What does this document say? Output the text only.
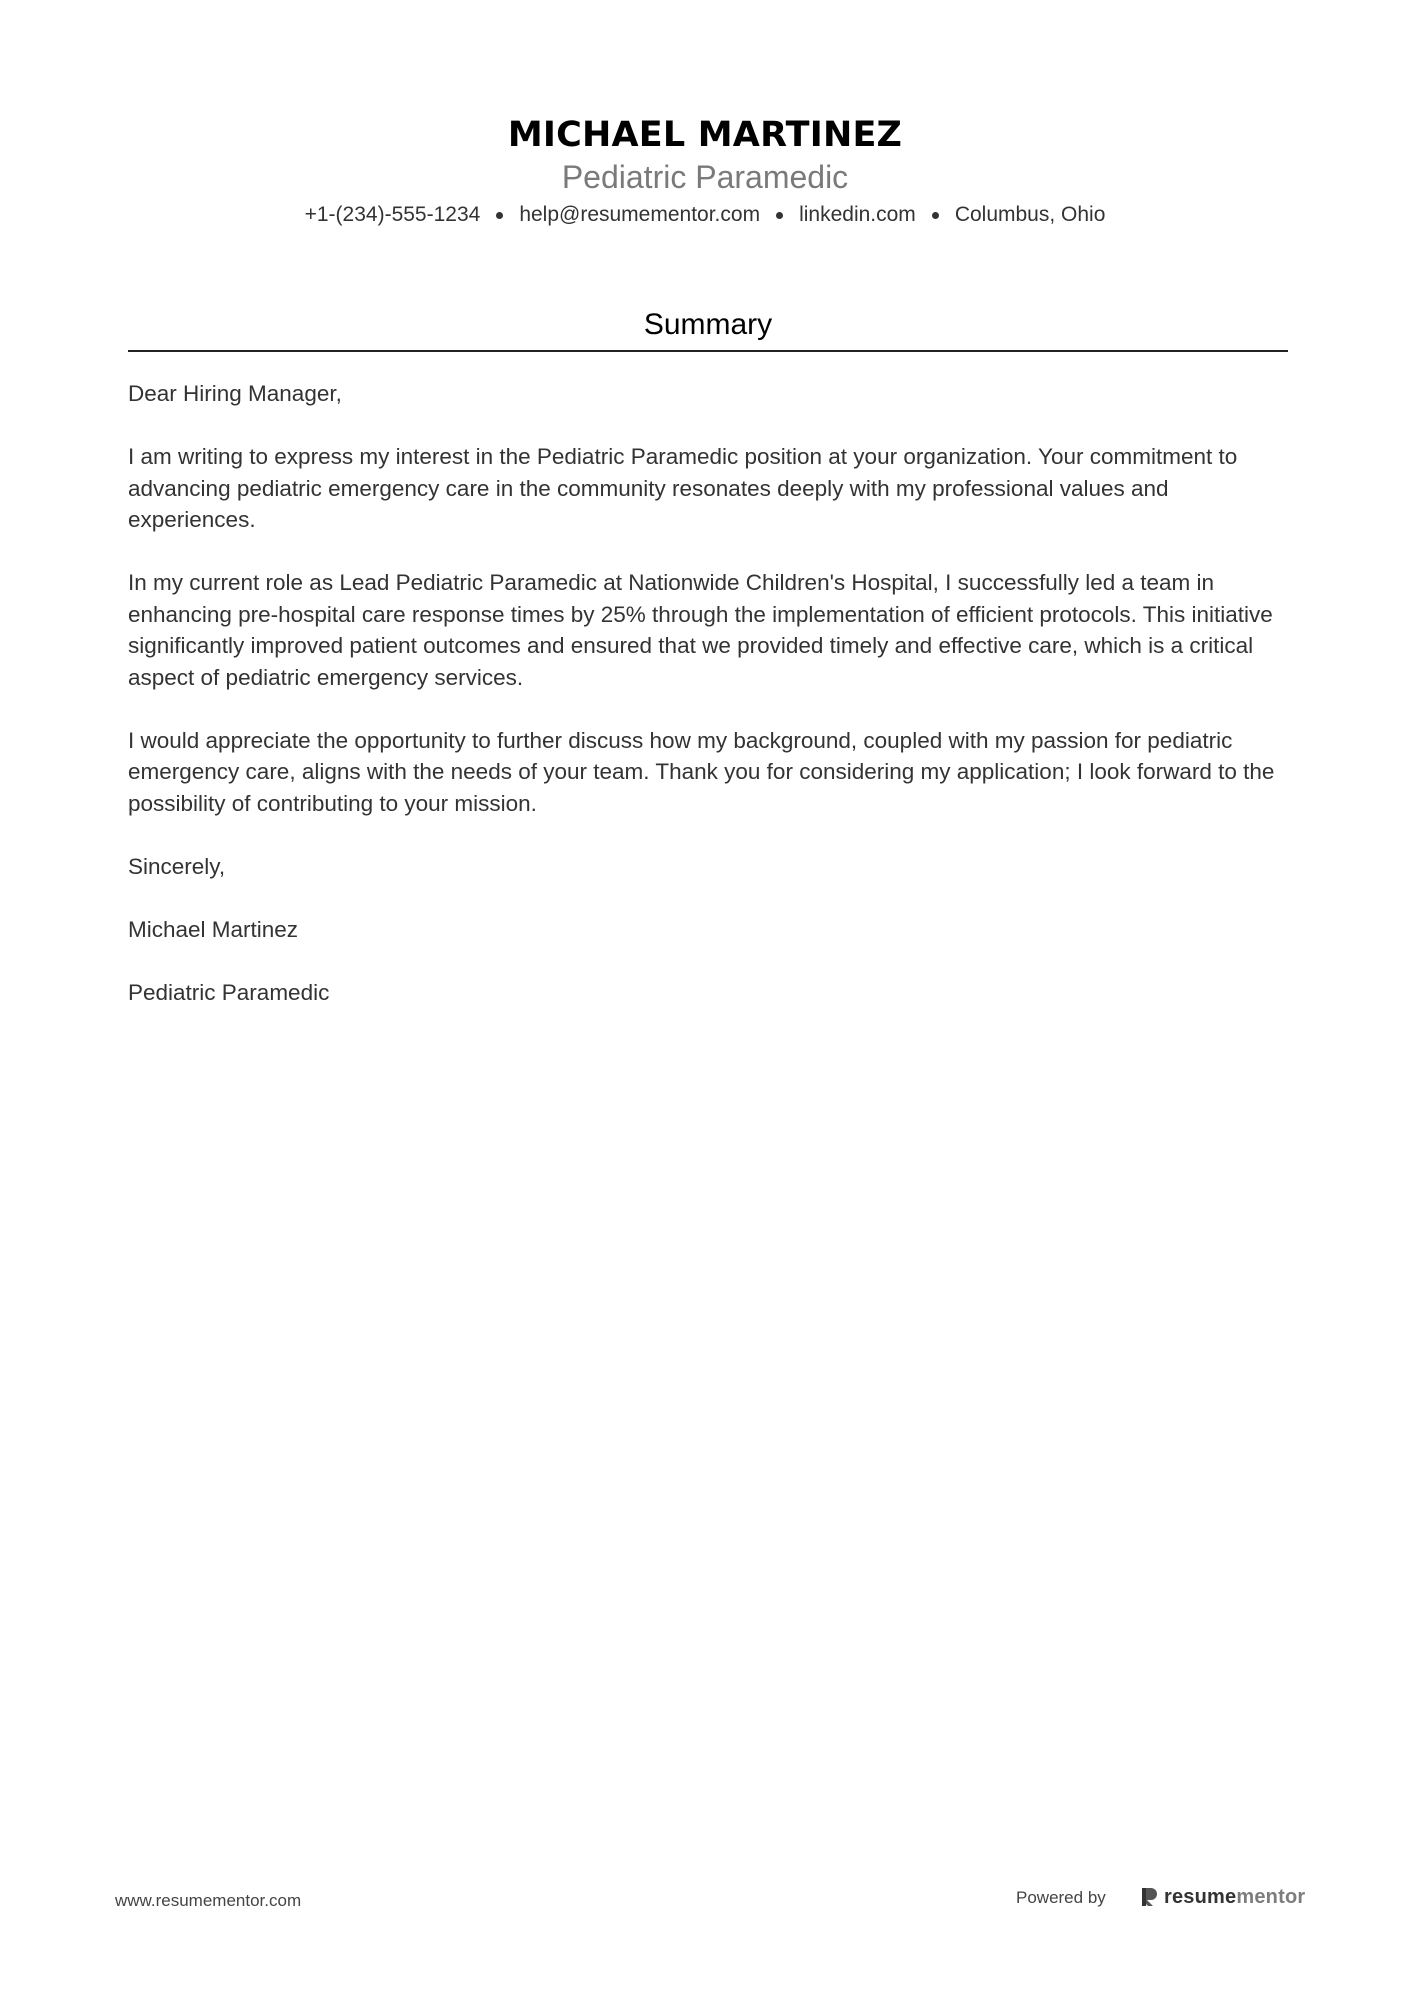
MICHAEL MARTINEZ
Pediatric Paramedic
+1-(234)-555-1234 help@resumementor.com linkedin.com Columbus, Ohio
Summary

Dear Hiring Manager,

I am writing to express my interest in the Pediatric Paramedic position at your organization. Your commitment to advancing pediatric emergency care in the community resonates deeply with my professional values and experiences.

In my current role as Lead Pediatric Paramedic at Nationwide Children's Hospital, I successfully led a team in enhancing pre-hospital care response times by 25% through the implementation of efficient protocols. This initiative significantly improved patient outcomes and ensured that we provided timely and effective care, which is a critical aspect of pediatric emergency services.

I would appreciate the opportunity to further discuss how my background, coupled with my passion for pediatric emergency care, aligns with the needs of your team. Thank you for considering my application; I look forward to the possibility of contributing to your mission.

Sincerely,

Michael Martinez

Pediatric Paramedic

www.resumementor.com	Powered by	resumementor
